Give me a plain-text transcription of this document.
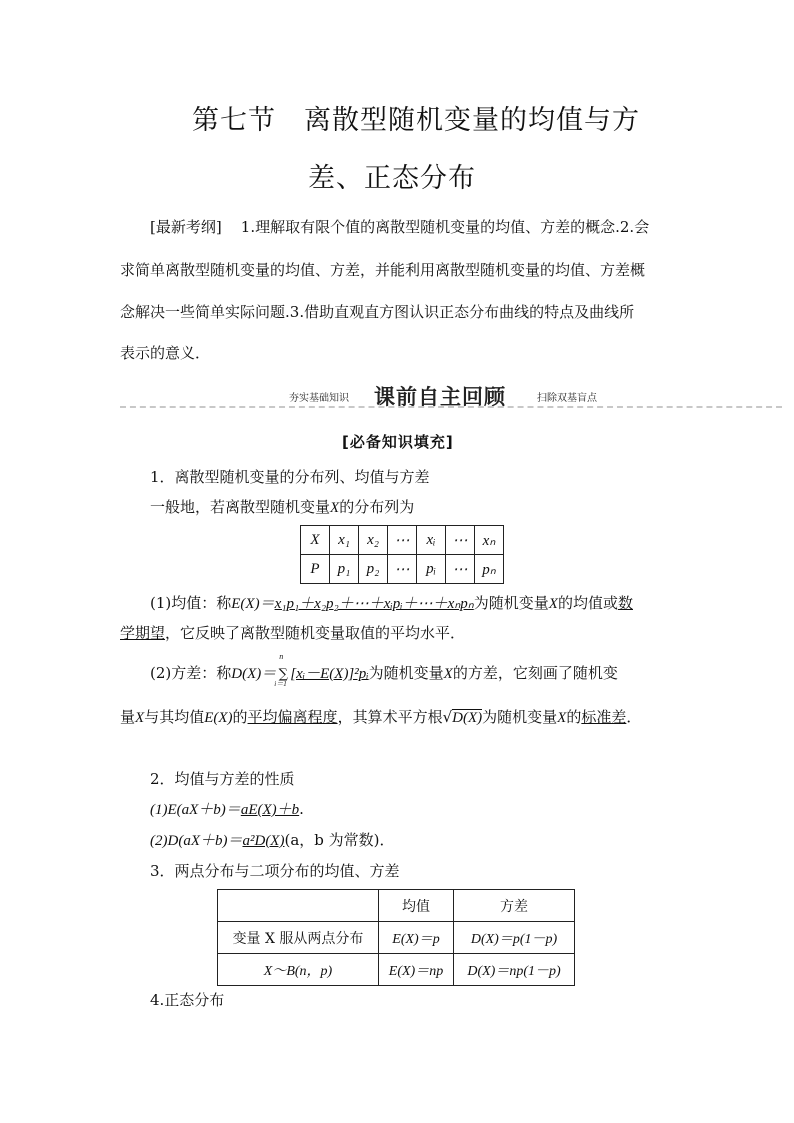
第七节　离散型随机变量的均值与方
差、正态分布
[最新考纲] 1.理解取有限个值的离散型随机变量的均值、方差的概念.2.会
求简单离散型随机变量的均值、方差，并能利用离散型随机变量的均值、方差概
念解决一些简单实际问题.3.借助直观直方图认识正态分布曲线的特点及曲线所
表示的意义．
夯实基础知识 课前自主回顾	扫除双基盲点
[必备知识填充]
1．离散型随机变量的分布列、均值与方差
一般地，若离散型随机变量X的分布列为
X	x₁	x₂	⋯	xᵢ	⋯	xₙ
P	p₁	p₂	⋯	pᵢ	⋯	pₙ
(1)均值：称E(X)＝x₁p₁＋x₂p₂＋⋯＋xᵢpᵢ＋⋯＋xₙpₙ为随机变量X的均值或数
学期望，它反映了离散型随机变量取值的平均水平．
(2)方差：称D(X)＝
n
∑
i＝1
[xᵢ－E(X)]²pᵢ为随机变量X的方差，它刻画了随机变
量X与其均值E(X)的平均偏离程度，其算术平方根√D(X)为随机变量X的标准差．
2．均值与方差的性质
(1)E(aX＋b)＝aE(X)＋b.
(2)D(aX＋b)＝a²D(X)(a，b 为常数)．
3．两点分布与二项分布的均值、方差
	均值	方差
变量 X 服从两点分布	E(X)＝p	D(X)＝p(1－p)
X～B(n，p)	E(X)＝np	D(X)＝np(1－p)
4.正态分布
